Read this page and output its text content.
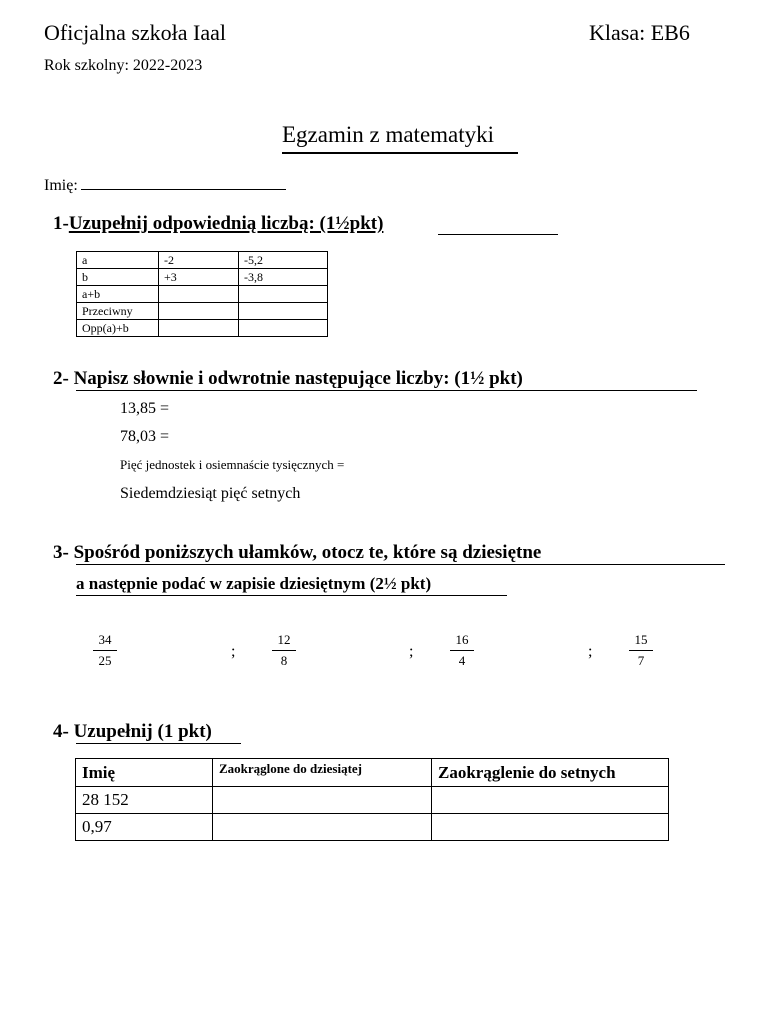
Oficjalna szkoła Iaal	Klasa: EB6
Rok szkolny: 2022-2023
Egzamin z matematyki
Imię:
1-Uzupełnij odpowiednią liczbą: (1½pkt)
a	-2	-5,2
b	+3	-3,8
a+b		
Przeciwny		
Opp(a)+b		
2- Napisz słownie i odwrotnie następujące liczby: (1½ pkt)
13,85 =
78,03 =
Pięć jednostek i osiemnaście tysięcznych =
Siedemdziesiąt pięć setnych
3- Spośród poniższych ułamków, otocz te, które są dziesiętne
a następnie podać w zapisie dziesiętnym (2½ pkt)
34
25
;
12
8
;
16
4
;
15
7
4- Uzupełnij (1 pkt)
Imię	Zaokrąglone do dziesiątej	Zaokrąglenie do setnych
28 152		
0,97		
